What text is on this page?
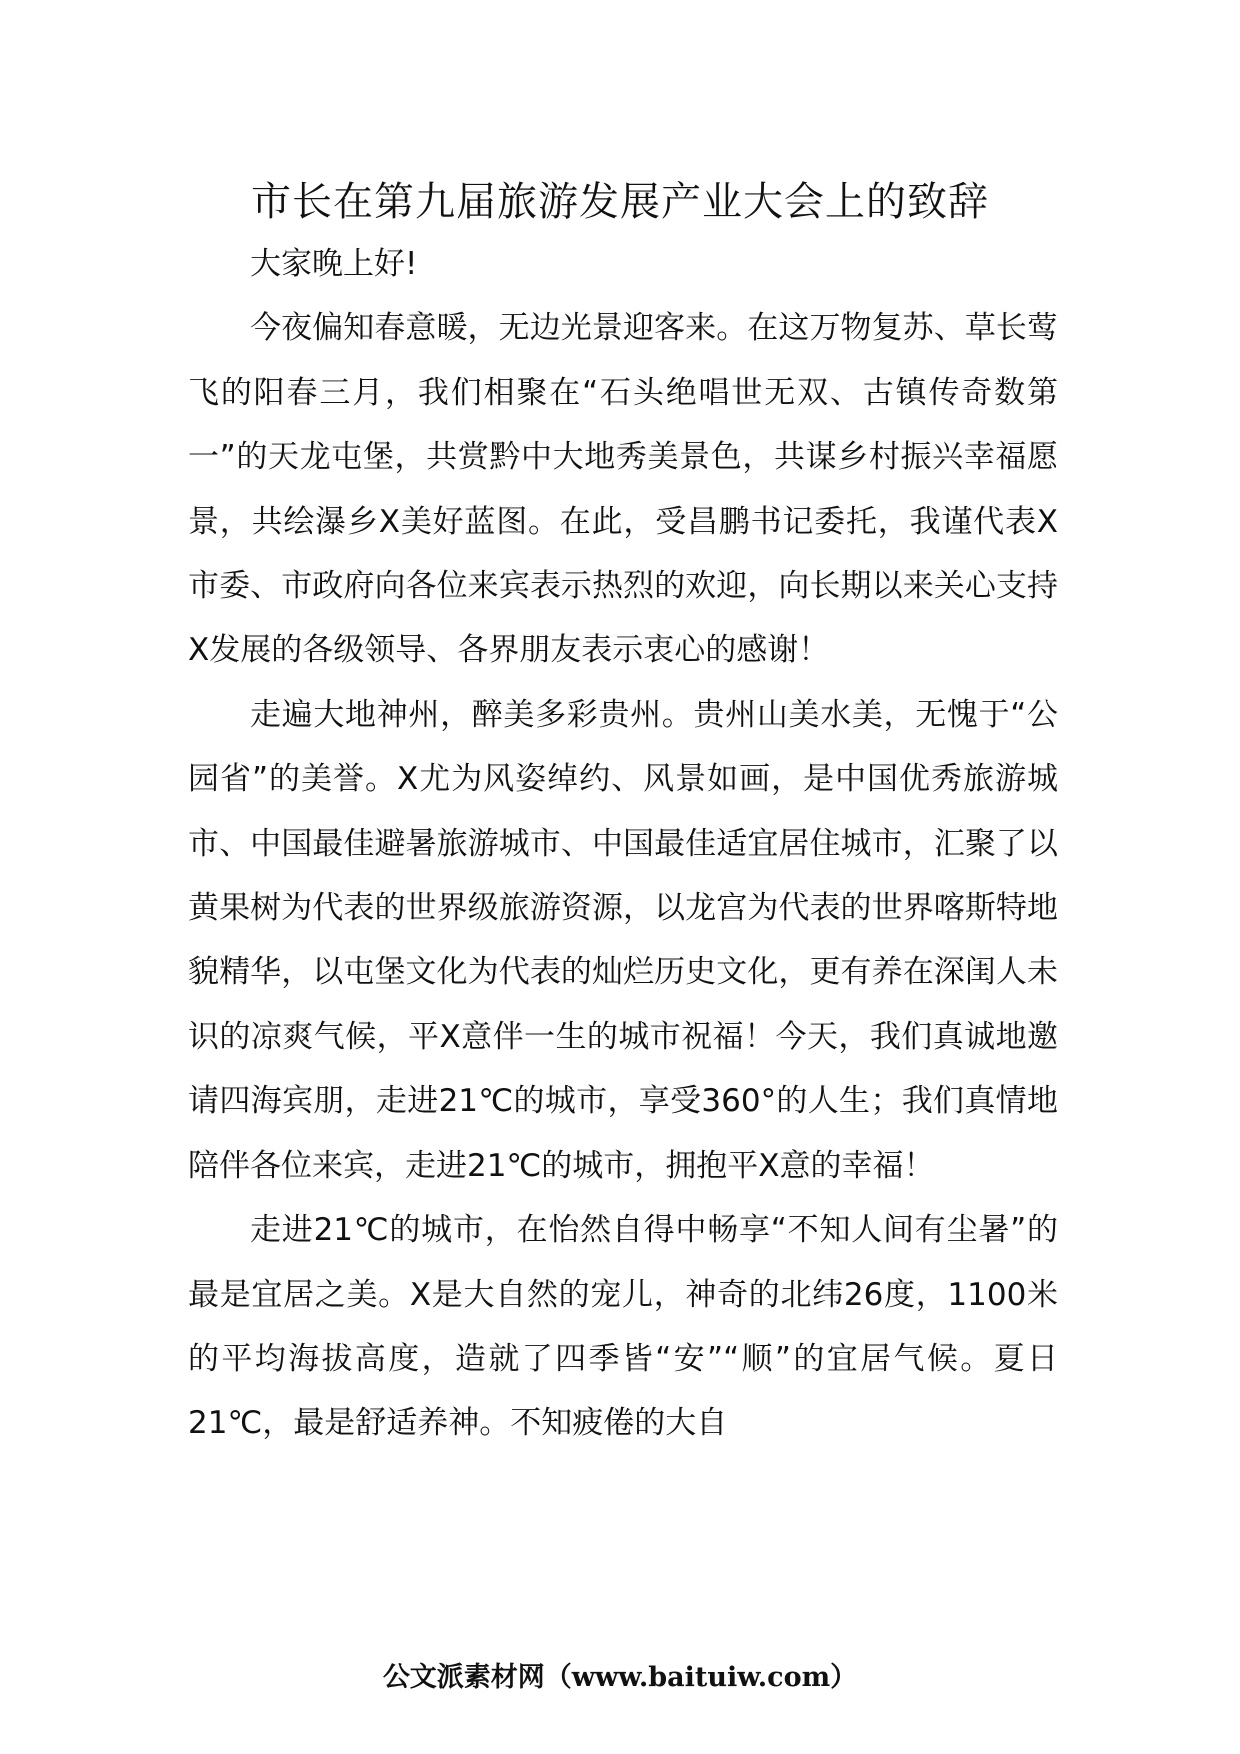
市长在第九届旅游发展产业大会上的致辞

大家晚上好!

今夜偏知春意暖，无边光景迎客来。在这万物复苏、草长莺飞的阳春三月，我们相聚在“石头绝唱世无双、古镇传奇数第一”的天龙屯堡，共赏黔中大地秀美景色，共谋乡村振兴幸福愿景，共绘瀑乡X美好蓝图。在此，受昌鹏书记委托，我谨代表X市委、市政府向各位来宾表示热烈的欢迎，向长期以来关心支持X发展的各级领导、各界朋友表示衷心的感谢！

走遍大地神州，醉美多彩贵州。贵州山美水美，无愧于“公园省”的美誉。X尤为风姿绰约、风景如画，是中国优秀旅游城市、中国最佳避暑旅游城市、中国最佳适宜居住城市，汇聚了以黄果树为代表的世界级旅游资源，以龙宫为代表的世界喀斯特地貌精华，以屯堡文化为代表的灿烂历史文化，更有养在深闺人未识的凉爽气候，平X意伴一生的城市祝福！今天，我们真诚地邀请四海宾朋，走进21℃的城市，享受360°的人生；我们真情地陪伴各位来宾，走进21℃的城市，拥抱平X意的幸福！

走进21℃的城市，在怡然自得中畅享“不知人间有尘暑”的最是宜居之美。X是大自然的宠儿，神奇的北纬26度，1100米的平均海拔高度，造就了四季皆“安”“顺”的宜居气候。夏日21℃，最是舒适养神。不知疲倦的大自

公文派素材网（www.baituiw.com）
